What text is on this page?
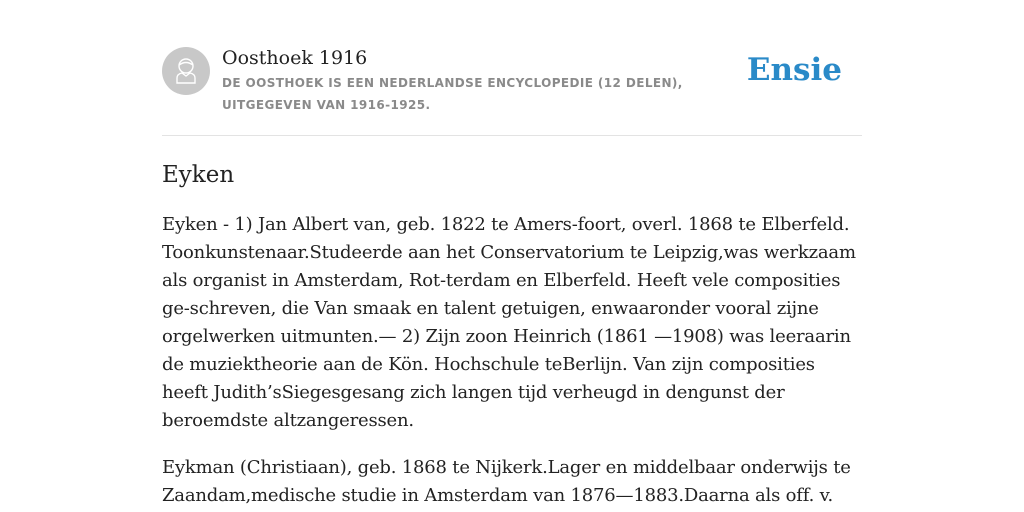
Oosthoek 1916
DE OOSTHOEK IS EEN NEDERLANDSE ENCYCLOPEDIE (12 DELEN), UITGEGEVEN VAN 1916-1925.
Ensie
Eyken

Eyken - 1) Jan Albert van, geb. 1822 te Amers-foort, overl. 1868 te Elberfeld. Toonkunstenaar.Studeerde aan het Conservatorium te Leipzig,was werkzaam als organist in Amsterdam, Rot-terdam en Elberfeld. Heeft vele composities ge-schreven, die Van smaak en talent getuigen, enwaaronder vooral zijne orgelwerken uitmunten.— 2) Zijn zoon Heinrich (1861 —1908) was leeraarin de muziektheorie aan de Kön. Hochschule teBerlijn. Van zijn composities heeft Judith’sSiegesgesang zich langen tijd verheugd in dengunst der beroemdste altzangeressen.

Eykman (Christiaan), geb. 1868 te Nijkerk.Lager en middelbaar onderwijs te Zaandam,medische studie in Amsterdam van 1876—1883.Daarna als off. v.
